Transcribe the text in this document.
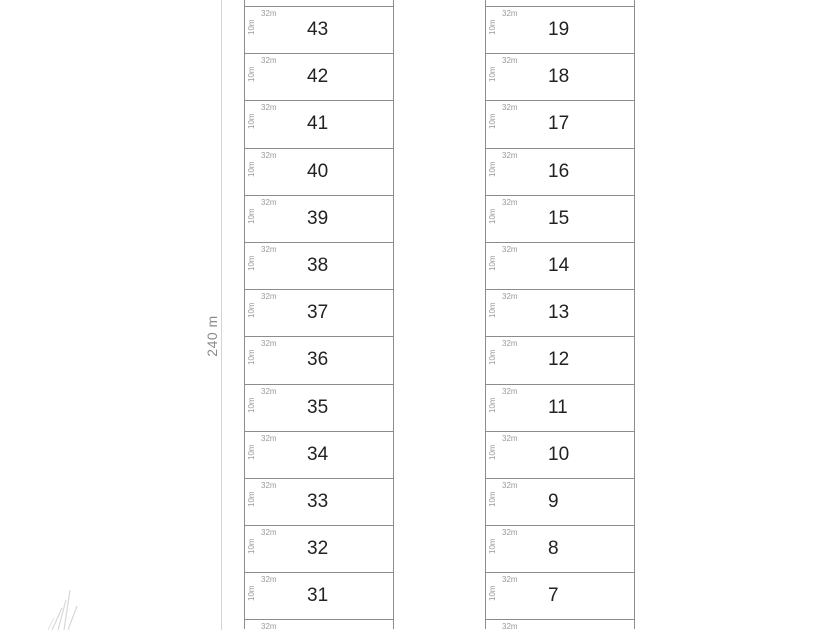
240 m
32m
10m	43
32m
10m	42
32m
10m	41
32m
10m	40
32m
10m	39
32m
10m	38
32m
10m	37
32m
10m	36
32m
10m	35
32m
10m	34
32m
10m	33
32m
10m	32
32m
10m	31
32m
32m
10m	19
32m
10m	18
32m
10m	17
32m
10m	16
32m
10m	15
32m
10m	14
32m
10m	13
32m
10m	12
32m
10m	11
32m
10m	10
32m
10m	9
32m
10m	8
32m
10m	7
32m
